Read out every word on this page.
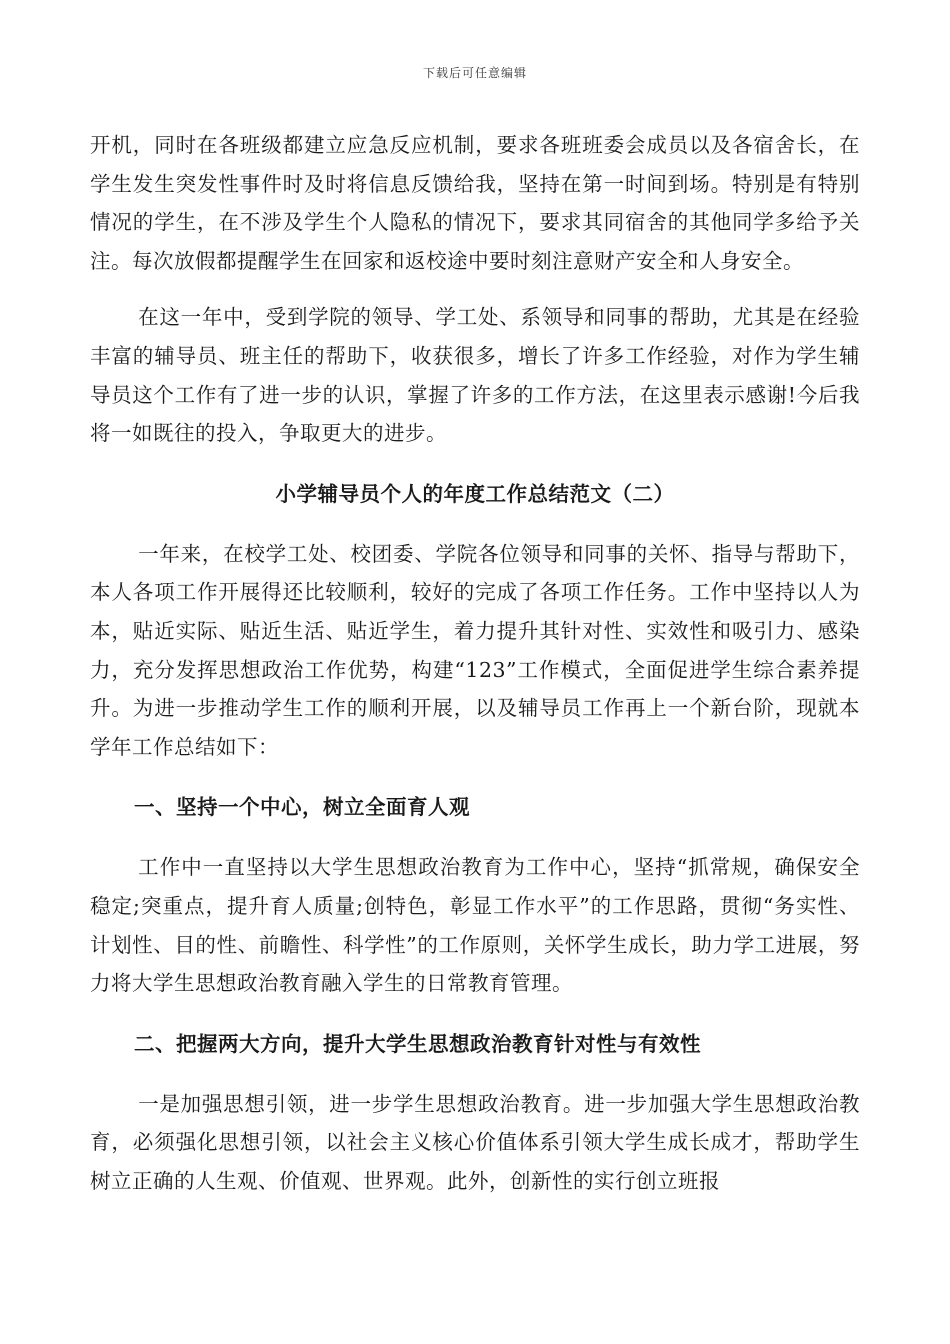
下载后可任意编辑

开机，同时在各班级都建立应急反应机制，要求各班班委会成员以及各宿舍长，在学生发生突发性事件时及时将信息反馈给我，坚持在第一时间到场。特别是有特别情况的学生，在不涉及学生个人隐私的情况下，要求其同宿舍的其他同学多给予关注。每次放假都提醒学生在回家和返校途中要时刻注意财产安全和人身安全。

在这一年中，受到学院的领导、学工处、系领导和同事的帮助，尤其是在经验丰富的辅导员、班主任的帮助下，收获很多，增长了许多工作经验，对作为学生辅导员这个工作有了进一步的认识，掌握了许多的工作方法，在这里表示感谢!今后我将一如既往的投入，争取更大的进步。

小学辅导员个人的年度工作总结范文（二）

一年来，在校学工处、校团委、学院各位领导和同事的关怀、指导与帮助下，本人各项工作开展得还比较顺利，较好的完成了各项工作任务。工作中坚持以人为本，贴近实际、贴近生活、贴近学生，着力提升其针对性、实效性和吸引力、感染力，充分发挥思想政治工作优势，构建“123”工作模式，全面促进学生综合素养提升。为进一步推动学生工作的顺利开展，以及辅导员工作再上一个新台阶，现就本学年工作总结如下：

一、坚持一个中心，树立全面育人观

工作中一直坚持以大学生思想政治教育为工作中心，坚持“抓常规，确保安全稳定;突重点，提升育人质量;创特色，彰显工作水平”的工作思路，贯彻“务实性、计划性、目的性、前瞻性、科学性”的工作原则，关怀学生成长，助力学工进展，努力将大学生思想政治教育融入学生的日常教育管理。

二、把握两大方向，提升大学生思想政治教育针对性与有效性

一是加强思想引领，进一步学生思想政治教育。进一步加强大学生思想政治教育，必须强化思想引领，以社会主义核心价值体系引领大学生成长成才，帮助学生树立正确的人生观、价值观、世界观。此外，创新性的实行创立班报
